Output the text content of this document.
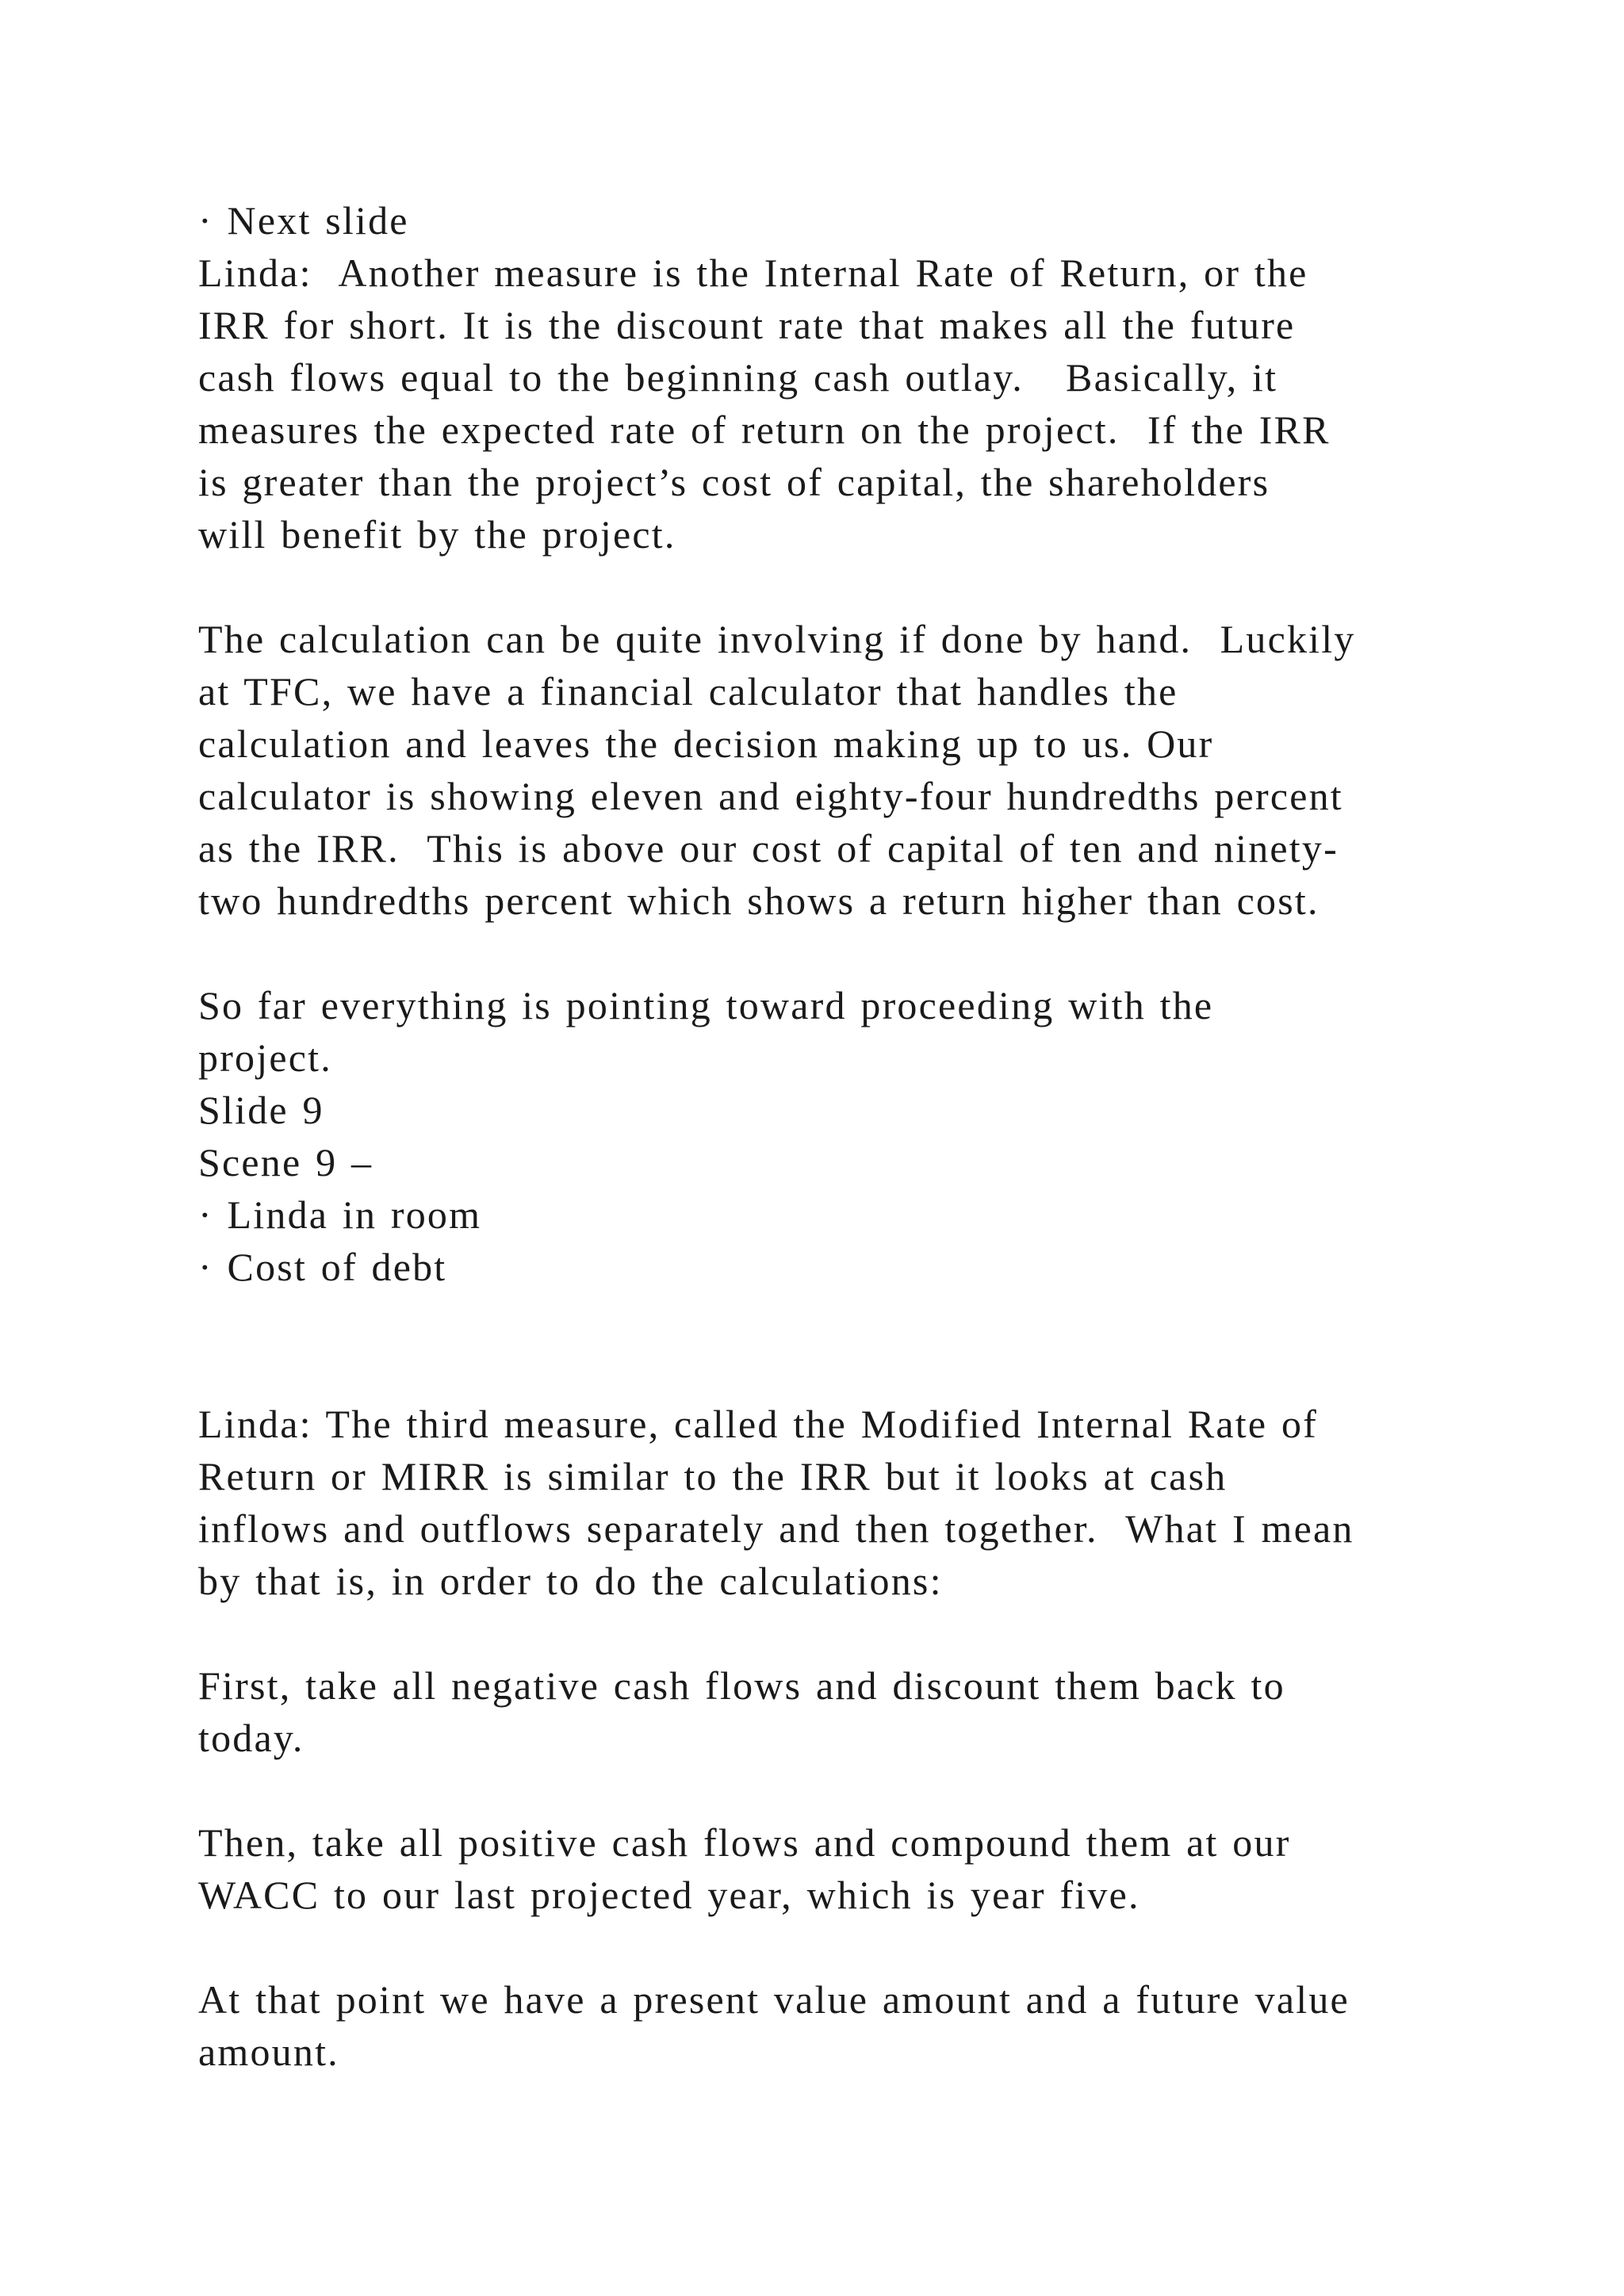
· Next slide
Linda:  Another measure is the Internal Rate of Return, or the
IRR for short. It is the discount rate that makes all the future
cash flows equal to the beginning cash outlay.   Basically, it
measures the expected rate of return on the project.  If the IRR
is greater than the project’s cost of capital, the shareholders
will benefit by the project.
The calculation can be quite involving if done by hand.  Luckily
at TFC, we have a financial calculator that handles the
calculation and leaves the decision making up to us. Our
calculator is showing eleven and eighty-four hundredths percent
as the IRR.  This is above our cost of capital of ten and ninety-
two hundredths percent which shows a return higher than cost.
So far everything is pointing toward proceeding with the
project.
Slide 9
Scene 9 –
· Linda in room
· Cost of debt
Linda: The third measure, called the Modified Internal Rate of
Return or MIRR is similar to the IRR but it looks at cash
inflows and outflows separately and then together.  What I mean
by that is, in order to do the calculations:
First, take all negative cash flows and discount them back to
today.
Then, take all positive cash flows and compound them at our
WACC to our last projected year, which is year five.
At that point we have a present value amount and a future value
amount.
